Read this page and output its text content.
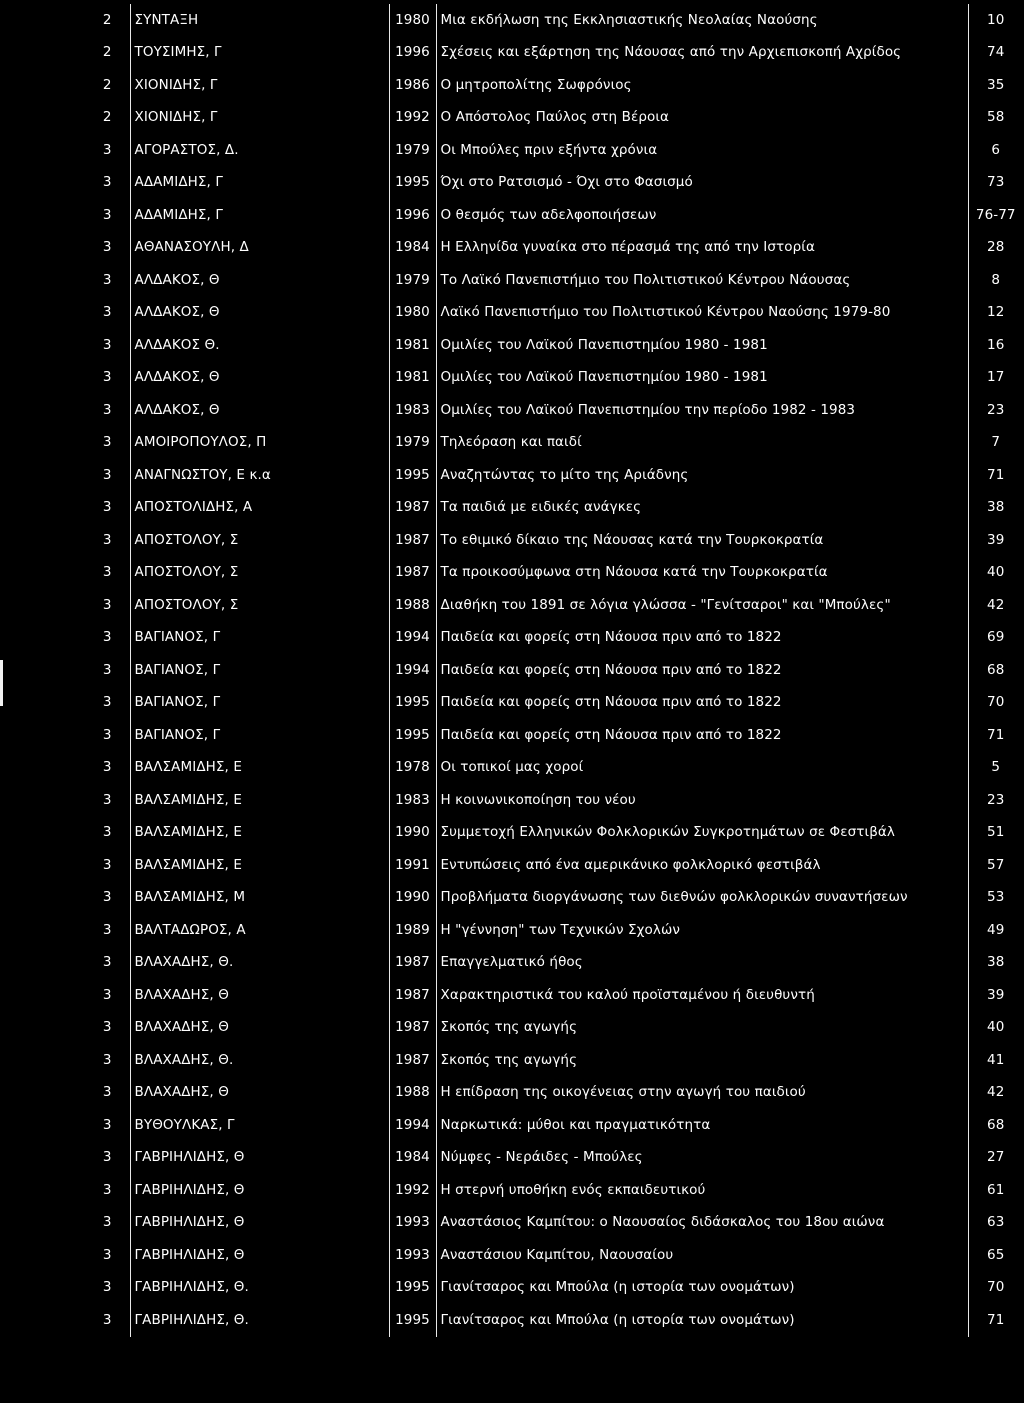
2	ΣΥΝΤΑΞΗ	1980	Μια εκδήλωση της Εκκλησιαστικής Νεολαίας Ναούσης	10
2	ΤΟΥΣΙΜΗΣ, Γ	1996	Σχέσεις και εξάρτηση της Νάουσας από την Αρχιεπισκοπή Αχρίδος	74
2	ΧΙΟΝΙΔΗΣ, Γ	1986	Ο μητροπολίτης Σωφρόνιος	35
2	ΧΙΟΝΙΔΗΣ, Γ	1992	Ο Απόστολος Παύλος στη Βέροια	58
3	ΑΓΟΡΑΣΤΟΣ, Δ.	1979	Οι Μπούλες πριν εξήντα χρόνια	6
3	ΑΔΑΜΙΔΗΣ, Γ	1995	Όχι στο Ρατσισμό - Όχι στο Φασισμό	73
3	ΑΔΑΜΙΔΗΣ, Γ	1996	Ο θεσμός των αδελφοποιήσεων	76-77
3	ΑΘΑΝΑΣΟΥΛΗ, Δ	1984	Η Ελληνίδα γυναίκα στο πέρασμά της από την Ιστορία	28
3	ΑΛΔΑΚΟΣ, Θ	1979	Το Λαϊκό Πανεπιστήμιο του Πολιτιστικού Κέντρου Νάουσας	8
3	ΑΛΔΑΚΟΣ, Θ	1980	Λαϊκό Πανεπιστήμιο του Πολιτιστικού Κέντρου Ναούσης 1979-80	12
3	ΑΛΔΑΚΟΣ Θ.	1981	Ομιλίες του Λαϊκού Πανεπιστημίου 1980 - 1981	16
3	ΑΛΔΑΚΟΣ, Θ	1981	Ομιλίες του Λαϊκού Πανεπιστημίου 1980 - 1981	17
3	ΑΛΔΑΚΟΣ, Θ	1983	Ομιλίες του Λαϊκού Πανεπιστημίου την περίοδο 1982 - 1983	23
3	ΑΜΟΙΡΟΠΟΥΛΟΣ, Π	1979	Τηλεόραση και παιδί	7
3	ΑΝΑΓΝΩΣΤΟΥ, Ε κ.α	1995	Αναζητώντας το μίτο της Αριάδνης	71
3	ΑΠΟΣΤΟΛΙΔΗΣ, Α	1987	Τα παιδιά με ειδικές ανάγκες	38
3	ΑΠΟΣΤΟΛΟΥ, Σ	1987	Το εθιμικό δίκαιο της Νάουσας κατά την Τουρκοκρατία	39
3	ΑΠΟΣΤΟΛΟΥ, Σ	1987	Τα προικοσύμφωνα στη Νάουσα κατά την Τουρκοκρατία	40
3	ΑΠΟΣΤΟΛΟΥ, Σ	1988	Διαθήκη του 1891 σε λόγια γλώσσα - "Γενίτσαροι" και "Μπούλες"	42
3	ΒΑΓΙΑΝΟΣ, Γ	1994	Παιδεία και φορείς στη Νάουσα πριν από το 1822	69
3	ΒΑΓΙΑΝΟΣ, Γ	1994	Παιδεία και φορείς στη Νάουσα πριν από το 1822	68
3	ΒΑΓΙΑΝΟΣ, Γ	1995	Παιδεία και φορείς στη Νάουσα πριν από το 1822	70
3	ΒΑΓΙΑΝΟΣ, Γ	1995	Παιδεία και φορείς στη Νάουσα πριν από το 1822	71
3	ΒΑΛΣΑΜΙΔΗΣ, Ε	1978	Οι τοπικοί μας χοροί	5
3	ΒΑΛΣΑΜΙΔΗΣ, Ε	1983	Η κοινωνικοποίηση του νέου	23
3	ΒΑΛΣΑΜΙΔΗΣ, Ε	1990	Συμμετοχή Ελληνικών Φολκλορικών Συγκροτημάτων σε Φεστιβάλ	51
3	ΒΑΛΣΑΜΙΔΗΣ, Ε	1991	Εντυπώσεις από ένα αμερικάνικο φολκλορικό φεστιβάλ	57
3	ΒΑΛΣΑΜΙΔΗΣ, Μ	1990	Προβλήματα διοργάνωσης των διεθνών φολκλορικών συναντήσεων	53
3	ΒΑΛΤΑΔΩΡΟΣ, Α	1989	Η "γέννηση" των Τεχνικών Σχολών	49
3	ΒΛΑΧΑΔΗΣ, Θ.	1987	Επαγγελματικό ήθος	38
3	ΒΛΑΧΑΔΗΣ, Θ	1987	Χαρακτηριστικά του καλού προϊσταμένου ή διευθυντή	39
3	ΒΛΑΧΑΔΗΣ, Θ	1987	Σκοπός της αγωγής	40
3	ΒΛΑΧΑΔΗΣ, Θ.	1987	Σκοπός της αγωγής	41
3	ΒΛΑΧΑΔΗΣ, Θ	1988	Η επίδραση της οικογένειας στην αγωγή του παιδιού	42
3	ΒΥΘΟΥΛΚΑΣ, Γ	1994	Ναρκωτικά: μύθοι και πραγματικότητα	68
3	ΓΑΒΡΙΗΛΙΔΗΣ, Θ	1984	Νύμφες - Νεράιδες - Μπούλες	27
3	ΓΑΒΡΙΗΛΙΔΗΣ, Θ	1992	Η στερνή υποθήκη ενός εκπαιδευτικού	61
3	ΓΑΒΡΙΗΛΙΔΗΣ, Θ	1993	Αναστάσιος Καμπίτου: ο Ναουσαίος διδάσκαλος του 18ου αιώνα	63
3	ΓΑΒΡΙΗΛΙΔΗΣ, Θ	1993	Αναστάσιου Καμπίτου, Ναουσαίου	65
3	ΓΑΒΡΙΗΛΙΔΗΣ, Θ.	1995	Γιανίτσαρος και Μπούλα (η ιστορία των ονομάτων)	70
3	ΓΑΒΡΙΗΛΙΔΗΣ, Θ.	1995	Γιανίτσαρος και Μπούλα (η ιστορία των ονομάτων)	71
